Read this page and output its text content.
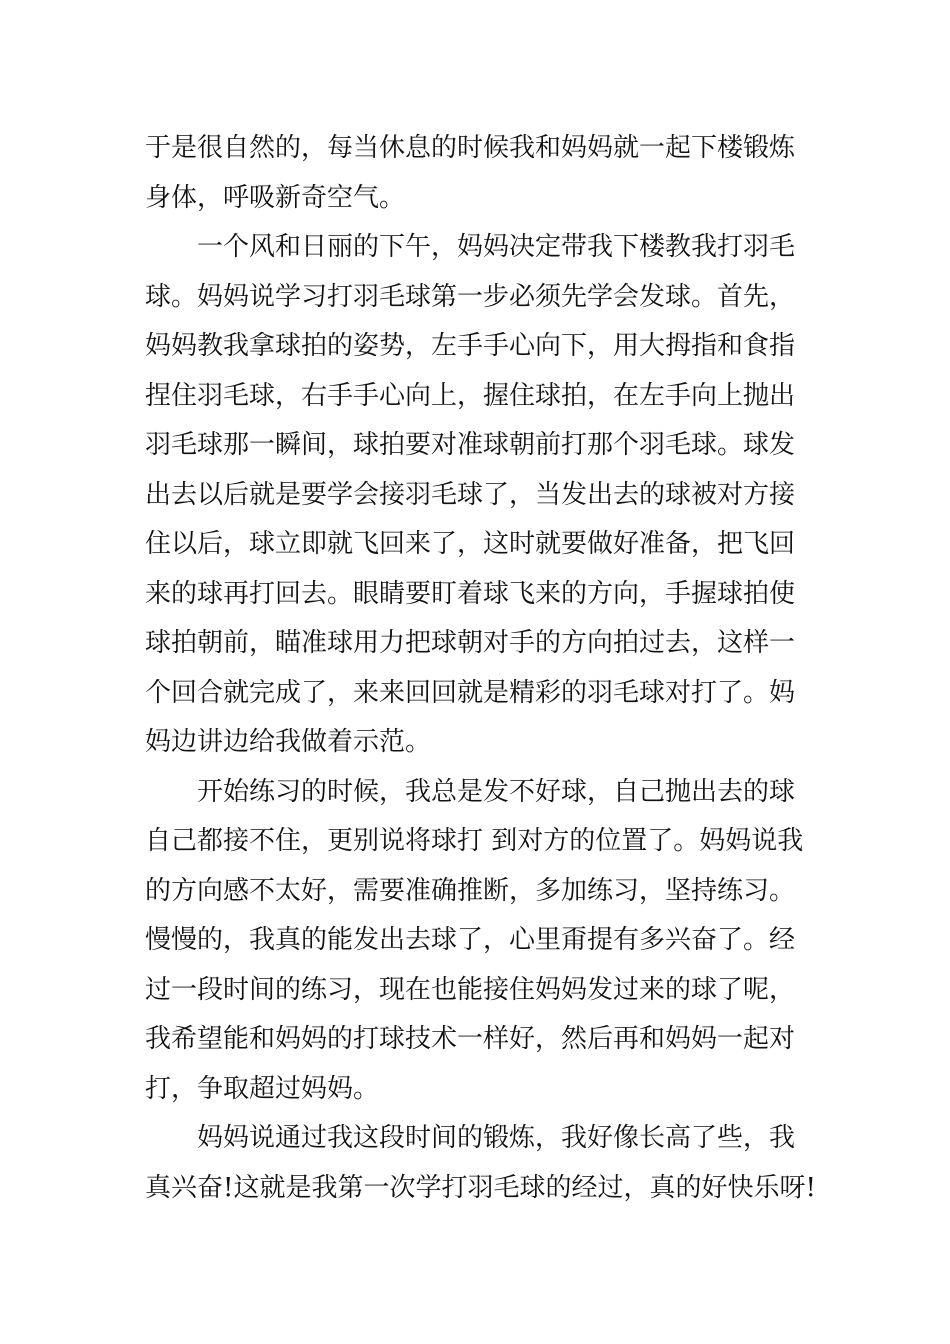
于是很自然的，每当休息的时候我和妈妈就一起下楼锻炼
身体，呼吸新奇空气。

一个风和日丽的下午，妈妈决定带我下楼教我打羽毛
球。妈妈说学习打羽毛球第一步必须先学会发球。首先，
妈妈教我拿球拍的姿势，左手手心向下，用大拇指和食指
捏住羽毛球，右手手心向上，握住球拍，在左手向上抛出
羽毛球那一瞬间，球拍要对准球朝前打那个羽毛球。球发
出去以后就是要学会接羽毛球了，当发出去的球被对方接
住以后，球立即就飞回来了，这时就要做好准备，把飞回
来的球再打回去。眼睛要盯着球飞来的方向，手握球拍使
球拍朝前，瞄准球用力把球朝对手的方向拍过去，这样一
个回合就完成了，来来回回就是精彩的羽毛球对打了。妈
妈边讲边给我做着示范。

开始练习的时候，我总是发不好球，自己抛出去的球
自己都接不住，更别说将球打 到对方的位置了。妈妈说我
的方向感不太好，需要准确推断，多加练习，坚持练习。
慢慢的，我真的能发出去球了，心里甭提有多兴奋了。经
过一段时间的练习，现在也能接住妈妈发过来的球了呢，
我希望能和妈妈的打球技术一样好，然后再和妈妈一起对
打，争取超过妈妈。

妈妈说通过我这段时间的锻炼，我好像长高了些，我
真兴奋!这就是我第一次学打羽毛球的经过，真的好快乐呀!
